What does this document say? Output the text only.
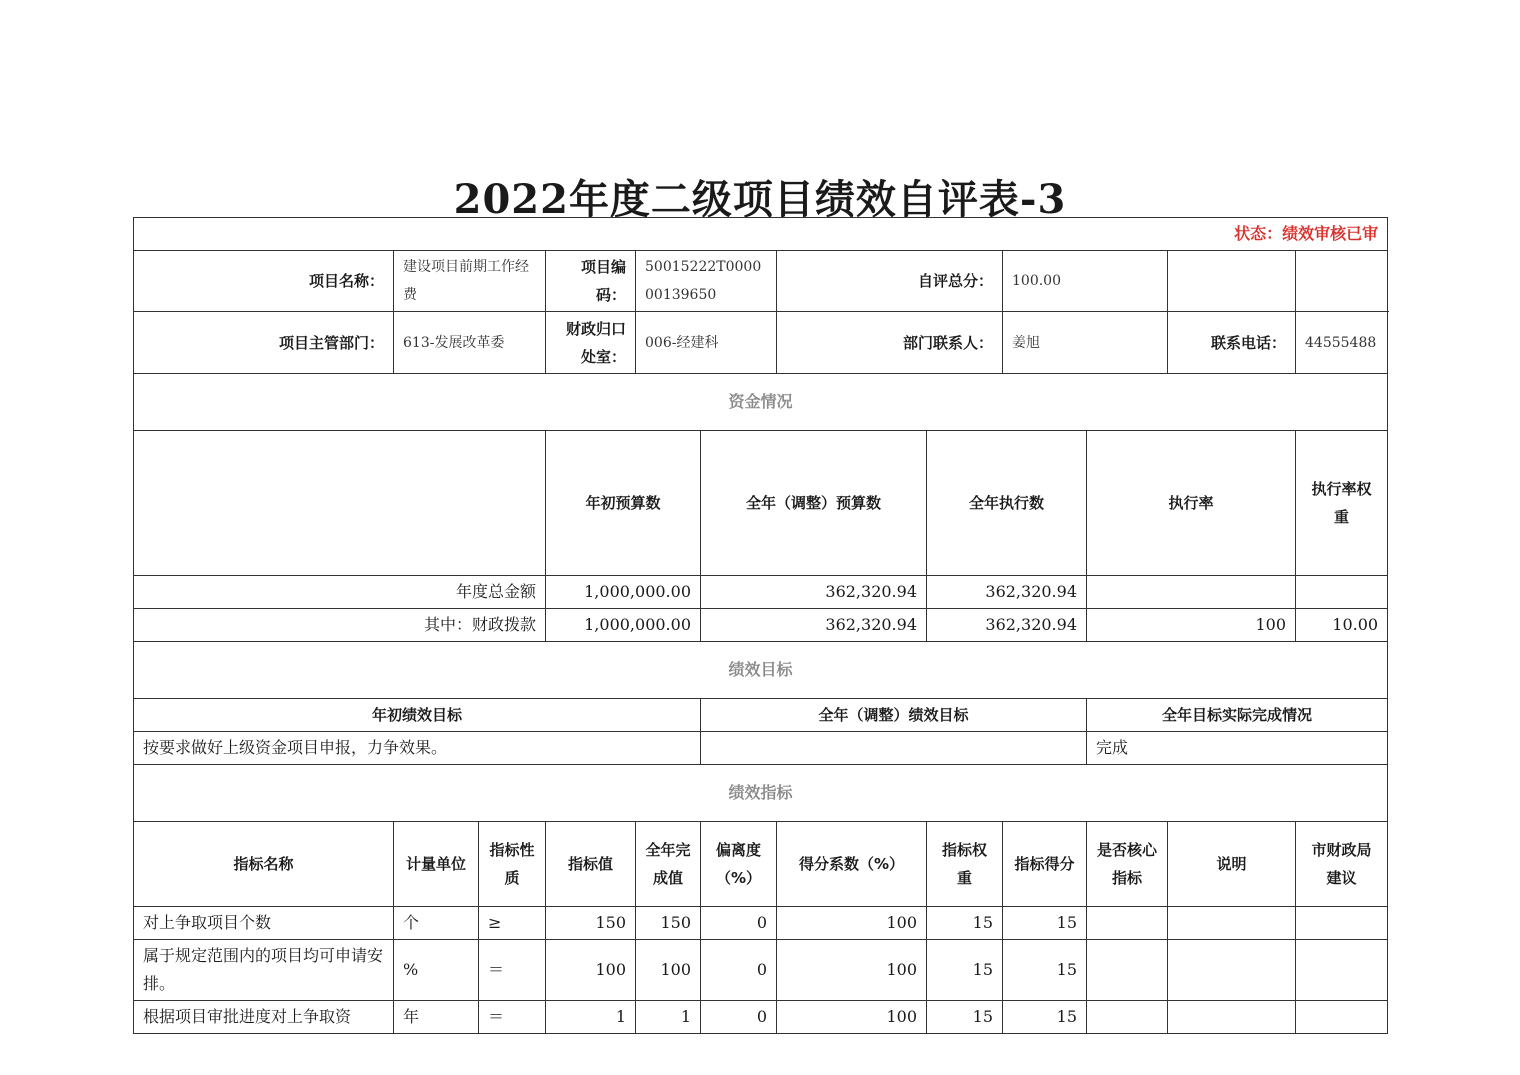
2022年度二级项目绩效自评表-3
状态：绩效审核已审												
项目名称：	建设项目前期工作经费		项目编码：	50015222T000000139650		自评总分：		100.00				
项目主管部门：	613-发展改革委		财政归口处室：	006-经建科		部门联系人：		姜旭		联系电话：	44555488	
资金情况												
			年初预算数		全年（调整）预算数		全年执行数		执行率		执行率权重	
年度总金额			1,000,000.00		362,320.94		362,320.94					
其中：财政拨款			1,000,000.00		362,320.94		362,320.94		100		10.00	
绩效目标												
年初绩效目标					全年（调整）绩效目标				全年目标实际完成情况			
按要求做好上级资金项目申报，力争效果。									完成			
绩效指标												
指标名称	计量单位	指标性质	指标值	全年完成值	偏离度（%）	得分系数（%）	指标权重	指标得分	是否核心指标	说明	市财政局建议	
对上争取项目个数	个	≥	150	150	0	100	15	15				
属于规定范围内的项目均可申请安排。	%	＝	100	100	0	100	15	15				
根据项目审批进度对上争取资	年	＝	1	1	0	100	15	15				
